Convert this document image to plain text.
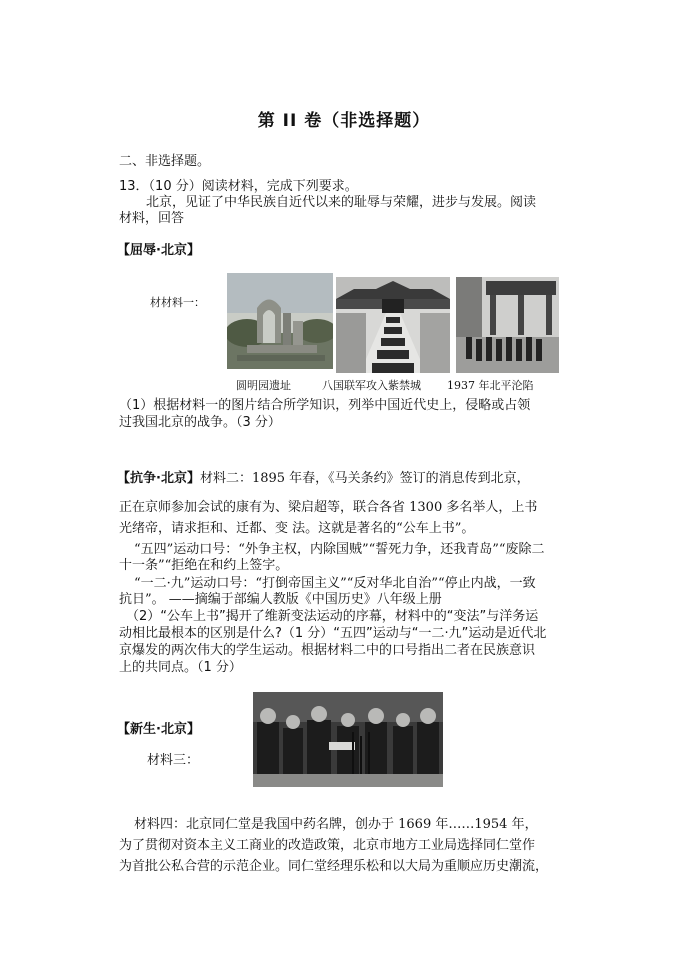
第 II 卷（非选择题）
二、非选择题。
13．（10 分）阅读材料，完成下列要求。
北京，见证了中华民族自近代以来的耻辱与荣耀，进步与发展。阅读
材料，回答
【屈辱·北京】
材材料一：
圆明园遗址	八国联军攻入紫禁城 1937 年北平沦陷
（1）根据材料一的图片结合所学知识，列举中国近代史上，侵略或占领
过我国北京的战争。（3 分）
【抗争·北京】材料二：1895 年春，《马关条约》签订的消息传到北京，
正在京师参加会试的康有为、梁启超等，联合各省 1300 多名举人，上书
光绪帝，请求拒和、迁都、变 法。这就是著名的“公车上书”。
“五四”运动口号：“外争主权，内除国贼”“誓死力争，还我青岛”“废除二
十一条”“拒绝在和约上签字。
“一二·九”运动口号：“打倒帝国主义”“反对华北自治”“停止内战，一致
抗日”。 ——摘编于部编人教版《中国历史》八年级上册
（2）“公车上书”揭开了维新变法运动的序幕，材料中的“变法”与洋务运
动相比最根本的区别是什么?（1 分）“五四”运动与“一二·九”运动是近代北
京爆发的两次伟大的学生运动。根据材料二中的口号指出二者在民族意识
上的共同点。（1 分）
【新生·北京】
材料三：
材料四：北京同仁堂是我国中药名牌，创办于 1669 年……1954 年，
为了贯彻对资本主义工商业的改造政策，北京市地方工业局选择同仁堂作
为首批公私合营的示范企业。同仁堂经理乐松和以大局为重顺应历史潮流，
